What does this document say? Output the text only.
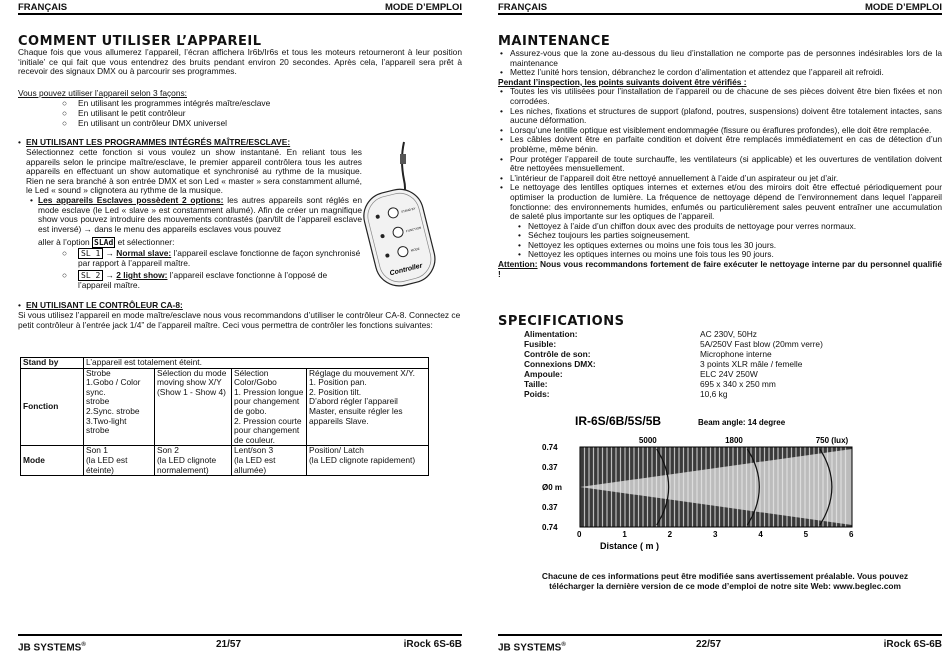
FRANÇAIS	MODE D’EMPLOI
COMMENT UTILISER L’APPAREIL
Chaque fois que vous allumerez l’appareil, l’écran affichera Ir6b/Ir6s et tous les moteurs retourneront à leur position ‘initiale’ ce qui fait que vous entendrez des bruits pendant environ 20 secondes. Après cela, l’appareil sera prêt à recevoir des signaux DMX ou à parcourir ses programmes.
Vous pouvez utiliser l’appareil selon 3 façons:
○ En utilisant les programmes intégrés maître/esclave
○ En utilisant le petit contrôleur
○ En utilisant un contrôleur DMX universel
• EN UTILISANT LES PROGRAMMES INTÉGRÉS MAÎTRE/ESCLAVE:
Sélectionnez cette fonction si vous voulez un show instantané. En reliant tous les appareils selon le principe maître/esclave, le premier appareil contrôlera tous les autres appareils en effectuant un show automatique et synchronisé au rythme de la musique. Rien ne sera branché à son entrée DMX et son Led « master » sera constamment allumé, le Led « sound » clignotera au rythme de la musique.
• Les appareils Esclaves possèdent 2 options: les autres appareils sont réglés en mode esclave (le Led « slave » est constamment allumé). Afin de créer un magnifique show vous pouvez introduire des mouvements contrastés (pan/tilt de l’appareil esclave est inversé) → dans le menu des appareils esclaves vous pouvez
aller à l’option SLAd et sélectionner:
○	SL 1 → Normal slave: l’appareil esclave fonctionne de façon synchronisé
par rapport à l’appareil maître.
○	SL 2 → 2 light show: l’appareil esclave fonctionne à l’opposé de
l’appareil maître.
STAND BY
FUNCTION
MODE
Controller
• EN UTILISANT LE CONTRÔLEUR CA-8:
Si vous utilisez l’appareil en mode maître/esclave nous vous recommandons d’utiliser le contrôleur CA-8. Connectez ce petit contrôleur à l’entrée jack 1/4” de l’appareil maître. Ceci vous permettra de contrôler les fonctions suivantes:
Stand by	L’appareil est totalement éteint.			
Fonction	Strobe
1.Gobo / Color sync.
strobe
2.Sync. strobe
3.Two-light strobe	Sélection du mode moving show X/Y
(Show 1 - Show 4)	Sélection Color/Gobo
1. Pression longue pour changement de gobo.
2. Pression courte pour changement de couleur.	Réglage du mouvement X/Y.
1. Position pan.
2. Position tilt.
D’abord régler l’appareil Master, ensuite régler les appareils Slave.
Mode	Son 1
(la LED est éteinte)	Son 2
(la LED clignote normalement)	Lent/son 3
(la LED est allumée)	Position/ Latch
(la LED clignote rapidement)
JB SYSTEMS®	21/57	iRock 6S-6B
FRANÇAIS	MODE D’EMPLOI
MAINTENANCE
• Assurez-vous que la zone au-dessous du lieu d’installation ne comporte pas de personnes indésirables lors de la maintenance
• Mettez l’unité hors tension, débranchez le cordon d’alimentation et attendez que l’appareil ait refroidi.
Pendant l’inspection, les points suivants doivent être vérifiés :
• Toutes les vis utilisées pour l’installation de l’appareil ou de chacune de ses pièces doivent être bien fixées et non corrodées.
• Les niches, fixations et structures de support (plafond, poutres, suspensions) doivent être totalement intactes, sans aucune déformation.
• Lorsqu’une lentille optique est visiblement endommagée (fissure ou éraflures profondes), elle doit être remplacée.
• Les câbles doivent être en parfaite condition et doivent être remplacés immédiatement en cas de détection d’un problème, même bénin.
• Pour protéger l’appareil de toute surchauffe, les ventilateurs (si applicable) et les ouvertures de ventilation doivent être nettoyées mensuellement.
• L’intérieur de l’appareil doit être nettoyé annuellement à l’aide d’un aspirateur ou jet d’air.
• Le nettoyage des lentilles optiques internes et externes et/ou des miroirs doit être effectué périodiquement pour optimiser la production de lumière. La fréquence de nettoyage dépend de l’environnement dans lequel l’appareil fonctionne: des environnements humides, enfumés ou particulièrement sales peuvent entraîner une accumulation de saleté plus importante sur les optiques de l’appareil.
• Nettoyez à l’aide d’un chiffon doux avec des produits de nettoyage pour verres normaux.
• Séchez toujours les parties soigneusement.
• Nettoyez les optiques externes ou moins une fois tous les 30 jours.
• Nettoyez les optiques internes ou moins une fois tous les 90 jours.
Attention: Nous vous recommandons fortement de faire exécuter le nettoyage interne par du personnel qualifié !
SPECIFICATIONS
Alimentation:	AC 230V, 50Hz
Fusible:	5A/250V Fast blow (20mm verre)
Contrôle de son:	Microphone interne
Connexions DMX:	3 points XLR mâle / femelle
Ampoule:	ELC 24V 250W
Taille:	695 x 340 x 250 mm
Poids:	10,6 kg
IR-6S/6B/5S/5B	Beam angle: 14 degree
5000	1800	750 (lux)
0.74
0.37
Ø0 m
0.37
0.74
0	1	2	3	4	5	6
Distance ( m )
Chacune de ces informations peut être modifiée sans avertissement préalable. Vous pouvez télécharger la dernière version de ce mode d’emploi de notre site Web: www.beglec.com
JB SYSTEMS®	22/57	iRock 6S-6B
